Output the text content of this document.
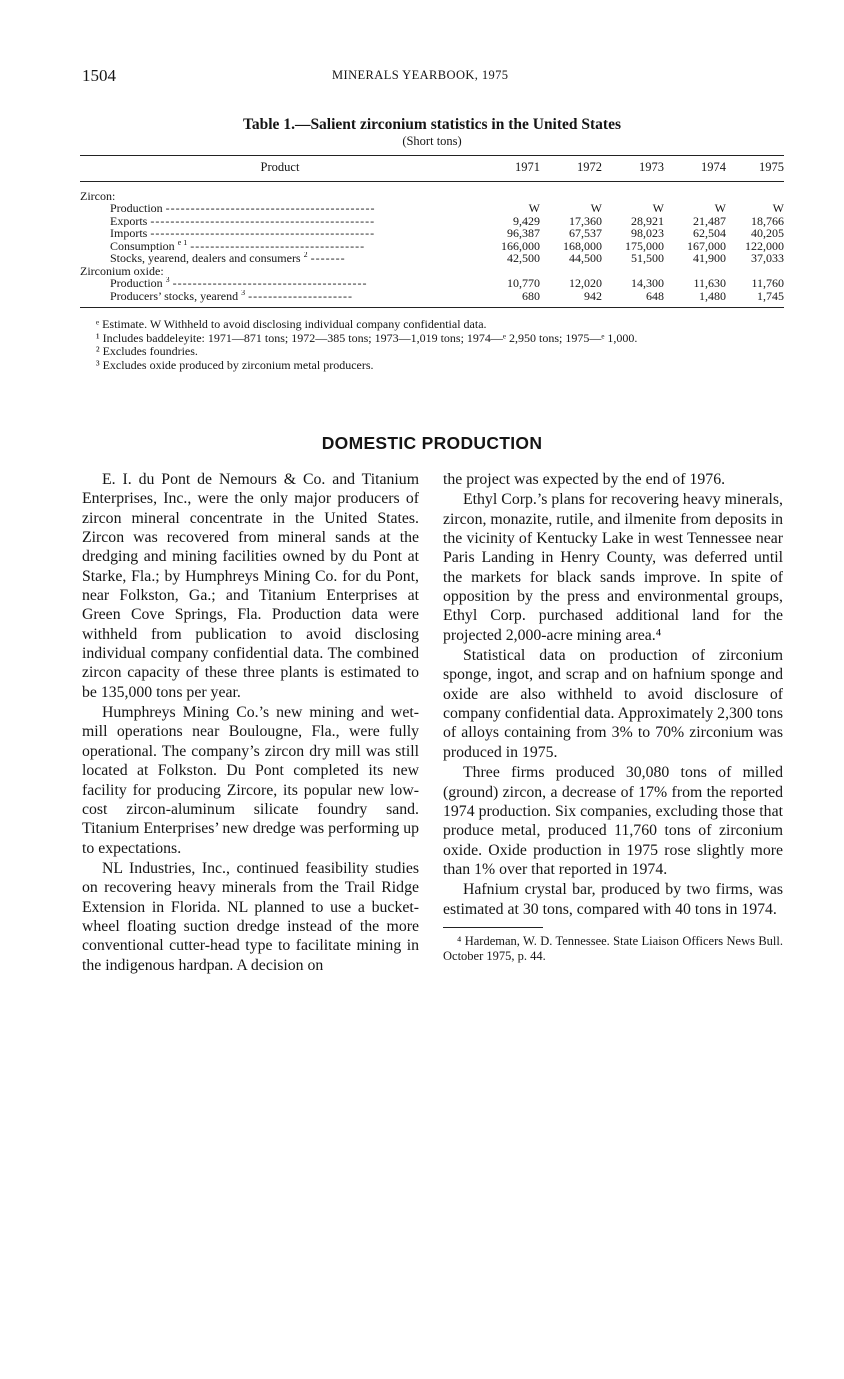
1504	MINERALS YEARBOOK, 1975
Table 1.—Salient zirconium statistics in the United States
(Short tons)
Product	1971	1972	1973	1974	1975
Zircon:					
Production ------------------------------------------	W	W	W	W	W
Exports ---------------------------------------------	9,429	17,360	28,921	21,487	18,766
Imports ---------------------------------------------	96,387	67,537	98,023	62,504	40,205
Consumption $^{e 1}$ -----------------------------------	166,000	168,000	175,000	167,000	122,000
Stocks, yearend, dealers and consumers $^2$ -------	42,500	44,500	51,500	41,900	37,033
Zirconium oxide:					
Production $^3$ ---------------------------------------	10,770	12,020	14,300	11,630	11,760
Producers’ stocks, yearend $^3$ ---------------------	680	942	648	1,480	1,745
ᵉ Estimate. W Withheld to avoid disclosing individual company confidential data.
¹ Includes baddeleyite: 1971—871 tons; 1972—385 tons; 1973—1,019 tons; 1974—ᵉ 2,950 tons; 1975—ᵉ 1,000.
² Excludes foundries.
³ Excludes oxide produced by zirconium metal producers.
DOMESTIC PRODUCTION

E. I. du Pont de Nemours & Co. and Titanium Enterprises, Inc., were the only major producers of zircon mineral concentrate in the United States. Zircon was recovered from mineral sands at the dredging and mining facilities owned by du Pont at Starke, Fla.; by Humphreys Mining Co. for du Pont, near Folkston, Ga.; and Titanium Enterprises at Green Cove Springs, Fla. Production data were withheld from publication to avoid disclosing individual company confidential data. The combined zircon capacity of these three plants is estimated to be 135,000 tons per year.

Humphreys Mining Co.’s new mining and wet-mill operations near Boulougne, Fla., were fully operational. The company’s zircon dry mill was still located at Folkston. Du Pont completed its new facility for producing Zircore, its popular new low-cost zircon-aluminum silicate foundry sand. Titanium Enterprises’ new dredge was performing up to expectations.

NL Industries, Inc., continued feasibility studies on recovering heavy minerals from the Trail Ridge Extension in Florida. NL planned to use a bucket-wheel floating suction dredge instead of the more conventional cutter-head type to facilitate mining in the indigenous hardpan. A decision on

the project was expected by the end of 1976.

Ethyl Corp.’s plans for recovering heavy minerals, zircon, monazite, rutile, and ilmenite from deposits in the vicinity of Kentucky Lake in west Tennessee near Paris Landing in Henry County, was deferred until the markets for black sands improve. In spite of opposition by the press and environmental groups, Ethyl Corp. purchased additional land for the projected 2,000-acre mining area.⁴

Statistical data on production of zirconium sponge, ingot, and scrap and on hafnium sponge and oxide are also withheld to avoid disclosure of company confidential data. Approximately 2,300 tons of alloys containing from 3% to 70% zirconium was produced in 1975.

Three firms produced 30,080 tons of milled (ground) zircon, a decrease of 17% from the reported 1974 production. Six companies, excluding those that produce metal, produced 11,760 tons of zirconium oxide. Oxide production in 1975 rose slightly more than 1% over that reported in 1974.

Hafnium crystal bar, produced by two firms, was estimated at 30 tons, compared with 40 tons in 1974.

⁴ Hardeman, W. D. Tennessee. State Liaison Officers News Bull. October 1975, p. 44.
